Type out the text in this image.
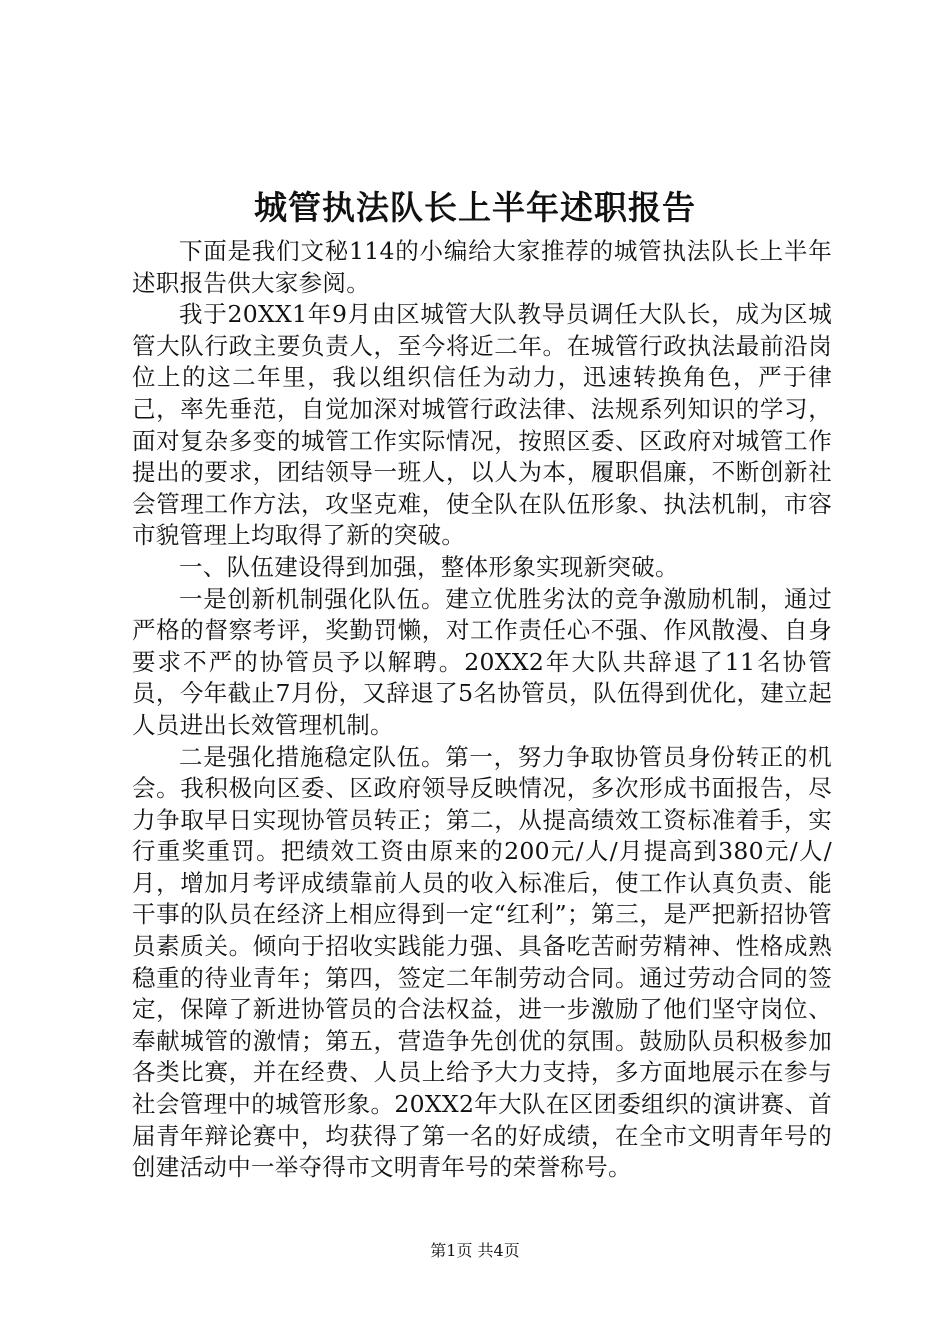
城管执法队长上半年述职报告

下面是我们文秘114的小编给大家推荐的城管执法队长上半年述职报告供大家参阅。

我于20XX1年9月由区城管大队教导员调任大队长，成为区城管大队行政主要负责人，至今将近二年。在城管行政执法最前沿岗位上的这二年里，我以组织信任为动力，迅速转换角色，严于律己，率先垂范，自觉加深对城管行政法律、法规系列知识的学习，面对复杂多变的城管工作实际情况，按照区委、区政府对城管工作提出的要求，团结领导一班人，以人为本，履职倡廉，不断创新社会管理工作方法，攻坚克难，使全队在队伍形象、执法机制，市容市貌管理上均取得了新的突破。

一、队伍建设得到加强，整体形象实现新突破。

一是创新机制强化队伍。建立优胜劣汰的竞争激励机制，通过严格的督察考评，奖勤罚懒，对工作责任心不强、作风散漫、自身要求不严的协管员予以解聘。20XX2年大队共辞退了11名协管员，今年截止7月份，又辞退了5名协管员，队伍得到优化，建立起人员进出长效管理机制。

二是强化措施稳定队伍。第一，努力争取协管员身份转正的机会。我积极向区委、区政府领导反映情况，多次形成书面报告，尽力争取早日实现协管员转正；第二，从提高绩效工资标准着手，实行重奖重罚。把绩效工资由原来的200元/人/月提高到380元/人/月，增加月考评成绩靠前人员的收入标准后，使工作认真负责、能干事的队员在经济上相应得到一定“红利”；第三，是严把新招协管员素质关。倾向于招收实践能力强、具备吃苦耐劳精神、性格成熟稳重的待业青年；第四，签定二年制劳动合同。通过劳动合同的签定，保障了新进协管员的合法权益，进一步激励了他们坚守岗位、奉献城管的激情；第五，营造争先创优的氛围。鼓励队员积极参加各类比赛，并在经费、人员上给予大力支持，多方面地展示在参与社会管理中的城管形象。20XX2年大队在区团委组织的演讲赛、首届青年辩论赛中，均获得了第一名的好成绩，在全市文明青年号的创建活动中一举夺得市文明青年号的荣誉称号。

第1页 共4页
